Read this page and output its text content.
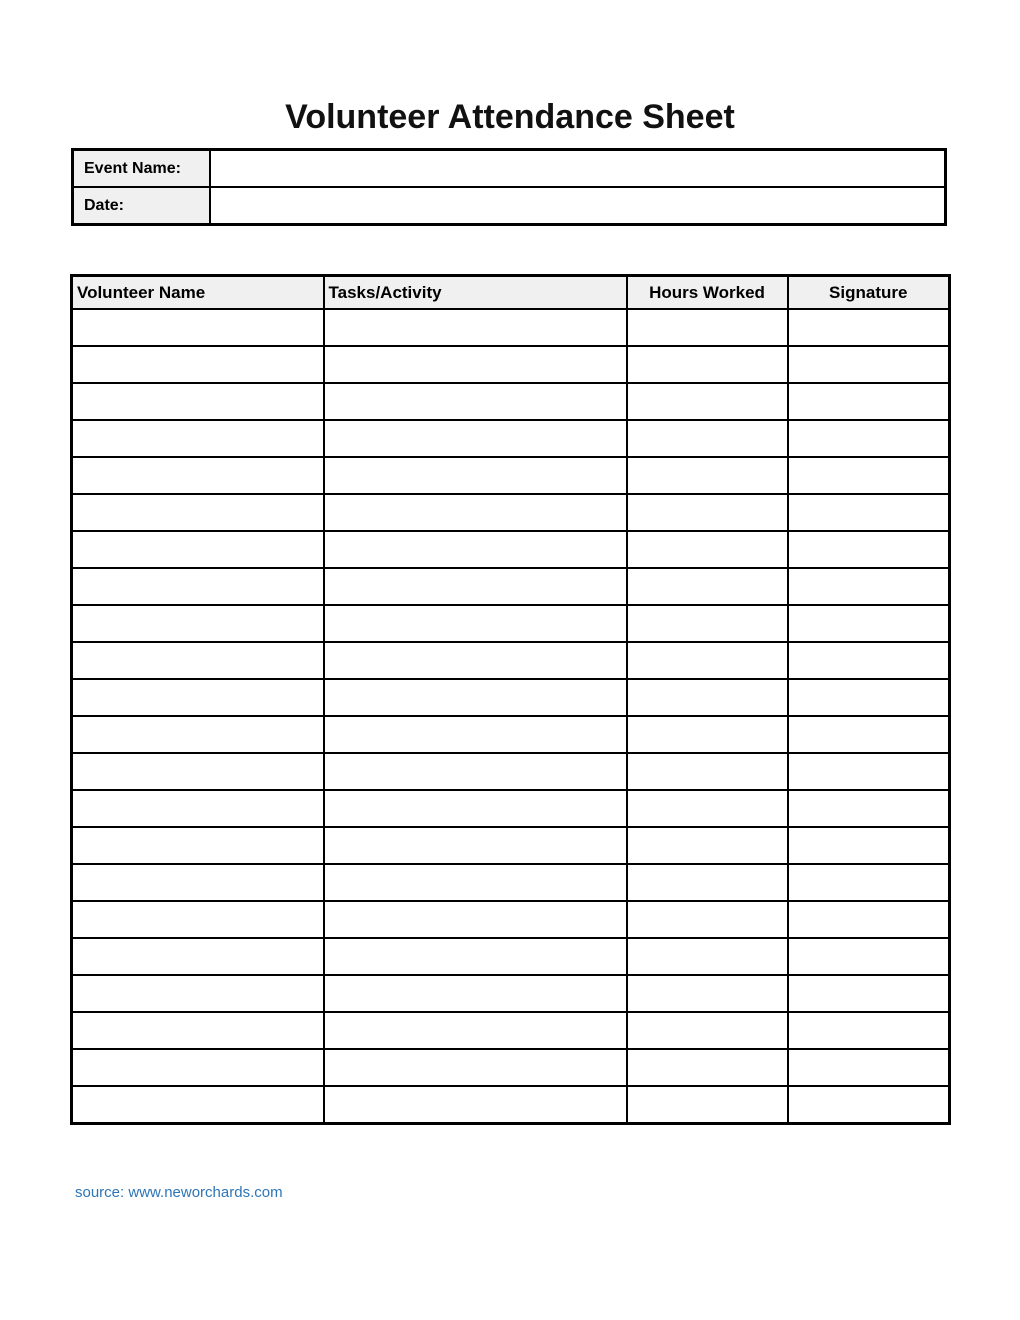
Volunteer Attendance Sheet
Event Name:	
Date:	
Volunteer Name	Tasks/Activity	Hours Worked	Signature

source: www.neworchards.com
